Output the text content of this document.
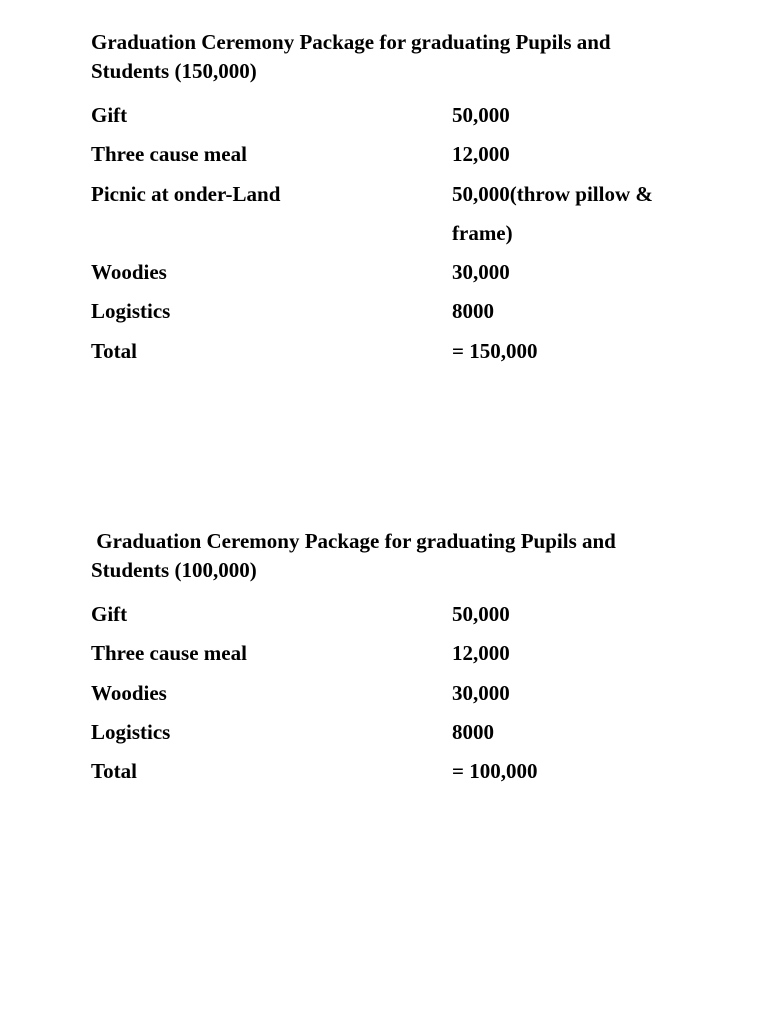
Graduation Ceremony Package for graduating Pupils and Students (150,000)

Gift	50,000
Three cause meal	12,000
Picnic at onder-Land	50,000(throw pillow & frame)
Woodies	30,000
Logistics	8000
Total	= 150,000

Graduation Ceremony Package for graduating Pupils and Students (100,000)

Gift	50,000
Three cause meal	12,000
Woodies	30,000
Logistics	8000
Total	= 100,000
